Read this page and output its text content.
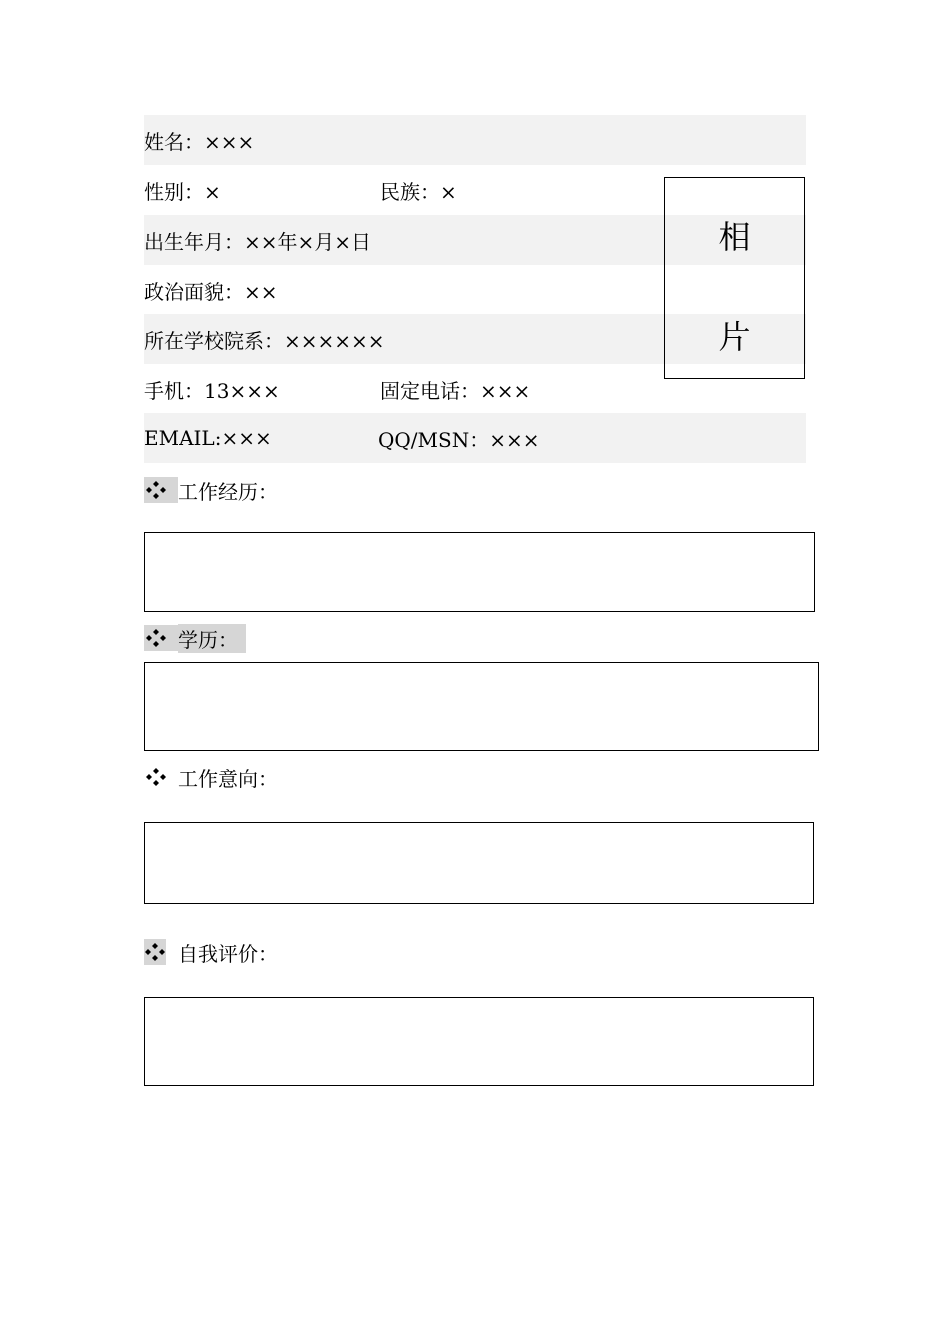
姓名：×××
性别：×	民族：×
出生年月：××年×月×日
政治面貌：××
所在学校院系：××××××
手机：13×××	固定电话：×××
EMAIL:×××	QQ/MSN：×××
相
片
工作经历：
学历：
工作意向：
自我评价：
